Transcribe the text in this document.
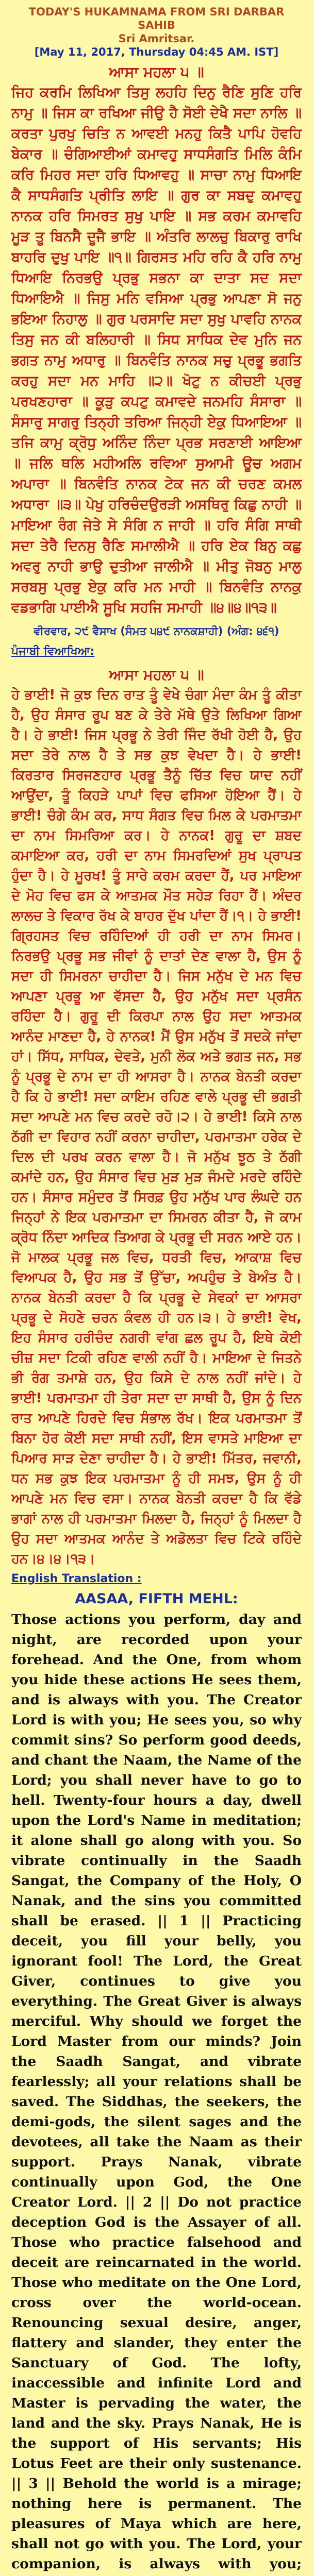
TODAY'S HUKAMNAMA FROM SRI DARBAR SAHIB
Sri Amritsar.
[May 11, 2017, Thursday 04:45 AM. IST]
ਆਸਾ ਮਹਲਾ ੫ ॥

ਜਿਹ ਕਰਮਿ ਲਿਖਿਆ ਤਿਸੁ ਲਹਹਿ ਦਿਨੁ ਰੈਣਿ ਸੁਣਿ ਹਰਿ ਨਾਮੁ ॥ ਜਿਸ ਕਾ ਰਖਿਆ ਜੀਉ ਹੈ ਸੋਈ ਦੇਖੈ ਸਦਾ ਨਾਲਿ ॥ ਕਰਤਾ ਪੁਰਖੁ ਚਿਤਿ ਨ ਆਵਈ ਮਨਹੁ ਕਿਤੈ ਪਾਪਿ ਹੋਵਹਿ ਬੇਕਾਰ ॥ ਚੰਗਿਆਈਆਂ ਕਮਾਵਹੁ ਸਾਧਸੰਗਤਿ ਮਿਲਿ ਕੰਮਿ ਕਰਿ ਮਿਹਰ ਸਦਾ ਹਰਿ ਧਿਆਵਹੁ ॥ ਸਾਚਾ ਨਾਮੁ ਧਿਆਇ ਕੈ ਸਾਧਸੰਗਤਿ ਪ੍ਰੀਤਿ ਲਾਇ ॥ ਗੁਰ ਕਾ ਸਬਦੁ ਕਮਾਵਹੁ ਨਾਨਕ ਹਰਿ ਸਿਮਰਤ ਸੁਖੁ ਪਾਇ ॥ ਸਭ ਕਰਮ ਕਮਾਵਹਿ ਮੂੜ ਤੂ ਬਿਨਸੈ ਦੂਜੈ ਭਾਇ ॥ ਅੰਤਰਿ ਲਾਲਚੁ ਬਿਕਾਰੁ ਰਾਖਿ ਬਾਹਰਿ ਦੁਖੁ ਪਾਇ ॥੧॥ ਗਿਰਸਤ ਮਹਿ ਰਹਿ ਕੈ ਹਰਿ ਨਾਮੁ ਧਿਆਇ ਨਿਰਭਉ ਪ੍ਰਭੁ ਸਭਨਾ ਕਾ ਦਾਤਾ ਸਦ ਸਦਾ ਧਿਆਇਐ ॥ ਜਿਸੁ ਮਨਿ ਵਸਿਆ ਪ੍ਰਭੁ ਆਪਣਾ ਸੋ ਜਨੁ ਭਇਆ ਨਿਹਾਲੁ ॥ ਗੁਰ ਪਰਸਾਦਿ ਸਦਾ ਸੁਖੁ ਪਾਵਹਿ ਨਾਨਕ ਤਿਸੁ ਜਨ ਕੀ ਬਲਿਹਾਰੀ ॥ ਸਿਧ ਸਾਧਿਕ ਦੇਵ ਮੁਨਿ ਜਨ ਭਗਤ ਨਾਮੁ ਅਧਾਰੁ ॥ ਬਿਨਵੰਤਿ ਨਾਨਕ ਸਚੁ ਪ੍ਰਭੂ ਭਗਤਿ ਕਰਹੁ ਸਦਾ ਮਨ ਮਾਹਿ ॥੨॥ ਖੋਟੁ ਨ ਕੀਚਈ ਪ੍ਰਭੁ ਪਰਖਣਹਾਰਾ ॥ ਕੂੜੁ ਕਪਟੁ ਕਮਾਵਦੇ ਜਨਮਹਿ ਸੰਸਾਰਾ ॥ ਸੰਸਾਰੁ ਸਾਗਰੁ ਤਿਨ੍ਹੀ ਤਰਿਆ ਜਿਨ੍ਹੀ ਏਕੁ ਧਿਆਇਆ ॥ ਤਜਿ ਕਾਮੁ ਕ੍ਰੋਧੁ ਅਨਿੰਦ ਨਿੰਦਾ ਪ੍ਰਭ ਸਰਣਾਈ ਆਇਆ ॥ ਜਲਿ ਥਲਿ ਮਹੀਅਲਿ ਰਵਿਆ ਸੁਆਮੀ ਊਚ ਅਗਮ ਅਪਾਰਾ ॥ ਬਿਨਵੰਤਿ ਨਾਨਕ ਟੇਕ ਜਨ ਕੀ ਚਰਣ ਕਮਲ ਅਧਾਰਾ ॥੩॥ ਪੇਖੁ ਹਰਿਚੰਦਉਰੜੀ ਅਸਥਿਰੁ ਕਿਛੁ ਨਾਹੀ ॥ ਮਾਇਆ ਰੰਗ ਜੇਤੇ ਸੇ ਸੰਗਿ ਨ ਜਾਹੀ ॥ ਹਰਿ ਸੰਗਿ ਸਾਥੀ ਸਦਾ ਤੇਰੈ ਦਿਨਸੁ ਰੈਣਿ ਸਮਾਲੀਐ ॥ ਹਰਿ ਏਕ ਬਿਨੁ ਕਛੁ ਅਵਰੁ ਨਾਹੀ ਭਾਉ ਦੁਤੀਆ ਜਾਲੀਐ ॥ ਮੀਤੁ ਜੋਬਨੁ ਮਾਲੁ ਸਰਬਸੁ ਪ੍ਰਭੁ ਏਕੁ ਕਰਿ ਮਨ ਮਾਹੀ ॥ ਬਿਨਵੰਤਿ ਨਾਨਕੁ ਵਡਭਾਗਿ ਪਾਈਐ ਸੂਖਿ ਸਹਜਿ ਸਮਾਹੀ ॥੪॥੪॥੧੩॥

ਵੀਰਵਾਰ, ੨੯ ਵੈਸਾਖ (ਸੰਮਤ ੫੪੯ ਨਾਨਕਸ਼ਾਹੀ) (ਅੰਗ: ੪੬੧)
ਪੰਜਾਬੀ ਵਿਆਖਿਆ:
ਆਸਾ ਮਹਲਾ ੫ ॥

ਹੇ ਭਾਈ! ਜੋ ਕੁਝ ਦਿਨ ਰਾਤ ਤੂੰ ਵੇਖੇ ਚੰਗਾ ਮੰਦਾ ਕੰਮ ਤੂੰ ਕੀਤਾ ਹੈ, ਉਹ ਸੰਸਾਰ ਰੂਪ ਬਣ ਕੇ ਤੇਰੇ ਮੱਥੇ ਉਤੇ ਲਿਖਿਆ ਗਿਆ ਹੈ। ਹੇ ਭਾਈ! ਜਿਸ ਪ੍ਰਭੂ ਨੇ ਤੇਰੀ ਜਿੰਦ ਰੱਖੀ ਹੋਈ ਹੈ, ਉਹ ਸਦਾ ਤੇਰੇ ਨਾਲ ਹੈ ਤੇ ਸਭ ਕੁਝ ਵੇਖਦਾ ਹੈ। ਹੇ ਭਾਈ! ਕਿਰਤਾਰ ਸਿਰਜਣਹਾਰ ਪ੍ਰਭੂ ਤੈਨੂੰ ਚਿੱਤ ਵਿਚ ਯਾਦ ਨਹੀਂ ਆਉਂਦਾ, ਤੂੰ ਕਿਹੜੇ ਪਾਪਾਂ ਵਿਚ ਫਸਿਆ ਹੋਇਆ ਹੈਂ। ਹੇ ਭਾਈ! ਚੰਗੇ ਕੰਮ ਕਰ, ਸਾਧ ਸੰਗਤ ਵਿਚ ਮਿਲ ਕੇ ਪਰਮਾਤਮਾ ਦਾ ਨਾਮ ਸਿਮਰਿਆ ਕਰ। ਹੇ ਨਾਨਕ! ਗੁਰੂ ਦਾ ਸ਼ਬਦ ਕਮਾਇਆ ਕਰ, ਹਰੀ ਦਾ ਨਾਮ ਸਿਮਰਦਿਆਂ ਸੁਖ ਪ੍ਰਾਪਤ ਹੁੰਦਾ ਹੈ। ਹੇ ਮੂਰਖ! ਤੂੰ ਸਾਰੇ ਕਰਮ ਕਰਦਾ ਹੈਂ, ਪਰ ਮਾਇਆ ਦੇ ਮੋਹ ਵਿਚ ਫਸ ਕੇ ਆਤਮਕ ਮੌਤ ਸਹੇੜ ਰਿਹਾ ਹੈਂ। ਅੰਦਰ ਲਾਲਚ ਤੇ ਵਿਕਾਰ ਰੱਖ ਕੇ ਬਾਹਰ ਦੁੱਖ ਪਾਂਦਾ ਹੈਂ।੧। ਹੇ ਭਾਈ! ਗ੍ਰਿਹਸਤ ਵਿਚ ਰਹਿੰਦਿਆਂ ਹੀ ਹਰੀ ਦਾ ਨਾਮ ਸਿਮਰ। ਨਿਰਭਉ ਪ੍ਰਭੂ ਸਭ ਜੀਵਾਂ ਨੂੰ ਦਾਤਾਂ ਦੇਣ ਵਾਲਾ ਹੈ, ਉਸ ਨੂੰ ਸਦਾ ਹੀ ਸਿਮਰਨਾ ਚਾਹੀਦਾ ਹੈ। ਜਿਸ ਮਨੁੱਖ ਦੇ ਮਨ ਵਿਚ ਆਪਣਾ ਪ੍ਰਭੂ ਆ ਵੱਸਦਾ ਹੈ, ਉਹ ਮਨੁੱਖ ਸਦਾ ਪ੍ਰਸੰਨ ਰਹਿੰਦਾ ਹੈ। ਗੁਰੂ ਦੀ ਕਿਰਪਾ ਨਾਲ ਉਹ ਸਦਾ ਆਤਮਕ ਆਨੰਦ ਮਾਣਦਾ ਹੈ, ਹੇ ਨਾਨਕ! ਮੈਂ ਉਸ ਮਨੁੱਖ ਤੋਂ ਸਦਕੇ ਜਾਂਦਾ ਹਾਂ। ਸਿੱਧ, ਸਾਧਿਕ, ਦੇਵਤੇ, ਮੁਨੀ ਲੋਕ ਅਤੇ ਭਗਤ ਜਨ, ਸਭ ਨੂੰ ਪ੍ਰਭੂ ਦੇ ਨਾਮ ਦਾ ਹੀ ਆਸਰਾ ਹੈ। ਨਾਨਕ ਬੇਨਤੀ ਕਰਦਾ ਹੈ ਕਿ ਹੇ ਭਾਈ! ਸਦਾ ਕਾਇਮ ਰਹਿਣ ਵਾਲੇ ਪ੍ਰਭੂ ਦੀ ਭਗਤੀ ਸਦਾ ਆਪਣੇ ਮਨ ਵਿਚ ਕਰਦੇ ਰਹੋ।੨। ਹੇ ਭਾਈ! ਕਿਸੇ ਨਾਲ ਠੱਗੀ ਦਾ ਵਿਹਾਰ ਨਹੀਂ ਕਰਨਾ ਚਾਹੀਦਾ, ਪਰਮਾਤਮਾ ਹਰੇਕ ਦੇ ਦਿਲ ਦੀ ਪਰਖ ਕਰਨ ਵਾਲਾ ਹੈ। ਜੋ ਮਨੁੱਖ ਝੂਠ ਤੇ ਠੱਗੀ ਕਮਾਂਦੇ ਹਨ, ਉਹ ਸੰਸਾਰ ਵਿਚ ਮੁੜ ਮੁੜ ਜੰਮਦੇ ਮਰਦੇ ਰਹਿੰਦੇ ਹਨ। ਸੰਸਾਰ ਸਮੁੰਦਰ ਤੋਂ ਸਿਰਫ਼ ਉਹ ਮਨੁੱਖ ਪਾਰ ਲੰਘਦੇ ਹਨ ਜਿਨ੍ਹਾਂ ਨੇ ਇਕ ਪਰਮਾਤਮਾ ਦਾ ਸਿਮਰਨ ਕੀਤਾ ਹੈ, ਜੋ ਕਾਮ ਕ੍ਰੋਧ ਨਿੰਦਾ ਆਦਿਕ ਤਿਆਗ ਕੇ ਪ੍ਰਭੂ ਦੀ ਸਰਨ ਆਏ ਹਨ। ਜੋ ਮਾਲਕ ਪ੍ਰਭੂ ਜਲ ਵਿਚ, ਧਰਤੀ ਵਿਚ, ਆਕਾਸ਼ ਵਿਚ ਵਿਆਪਕ ਹੈ, ਉਹ ਸਭ ਤੋਂ ਉੱਚਾ, ਅਪਹੁੰਚ ਤੇ ਬੇਅੰਤ ਹੈ। ਨਾਨਕ ਬੇਨਤੀ ਕਰਦਾ ਹੈ ਕਿ ਪ੍ਰਭੂ ਦੇ ਸੇਵਕਾਂ ਦਾ ਆਸਰਾ ਪ੍ਰਭੂ ਦੇ ਸੋਹਣੇ ਚਰਨ ਕੰਵਲ ਹੀ ਹਨ।੩। ਹੇ ਭਾਈ! ਵੇਖ, ਇਹ ਸੰਸਾਰ ਹਰੀਚੰਦ ਨਗਰੀ ਵਾਂਗ ਛਲ ਰੂਪ ਹੈ, ਇਥੇ ਕੋਈ ਚੀਜ਼ ਸਦਾ ਟਿਕੀ ਰਹਿਣ ਵਾਲੀ ਨਹੀਂ ਹੈ। ਮਾਇਆ ਦੇ ਜਿਤਨੇ ਭੀ ਰੰਗ ਤਮਾਸ਼ੇ ਹਨ, ਉਹ ਕਿਸੇ ਦੇ ਨਾਲ ਨਹੀਂ ਜਾਂਦੇ। ਹੇ ਭਾਈ! ਪਰਮਾਤਮਾ ਹੀ ਤੇਰਾ ਸਦਾ ਦਾ ਸਾਥੀ ਹੈ, ਉਸ ਨੂੰ ਦਿਨ ਰਾਤ ਆਪਣੇ ਹਿਰਦੇ ਵਿਚ ਸੰਭਾਲ ਰੱਖ। ਇਕ ਪਰਮਾਤਮਾ ਤੋਂ ਬਿਨਾ ਹੋਰ ਕੋਈ ਸਦਾ ਸਾਥੀ ਨਹੀਂ, ਇਸ ਵਾਸਤੇ ਮਾਇਆ ਦਾ ਪਿਆਰ ਸਾੜ ਦੇਣਾ ਚਾਹੀਦਾ ਹੈ। ਹੇ ਭਾਈ! ਮਿੱਤਰ, ਜਵਾਨੀ, ਧਨ ਸਭ ਕੁਝ ਇਕ ਪਰਮਾਤਮਾ ਨੂੰ ਹੀ ਸਮਝ, ਉਸ ਨੂੰ ਹੀ ਆਪਣੇ ਮਨ ਵਿਚ ਵਸਾ। ਨਾਨਕ ਬੇਨਤੀ ਕਰਦਾ ਹੈ ਕਿ ਵੱਡੇ ਭਾਗਾਂ ਨਾਲ ਹੀ ਪਰਮਾਤਮਾ ਮਿਲਦਾ ਹੈ, ਜਿਨ੍ਹਾਂ ਨੂੰ ਮਿਲਦਾ ਹੈ ਉਹ ਸਦਾ ਆਤਮਕ ਆਨੰਦ ਤੇ ਅਡੋਲਤਾ ਵਿਚ ਟਿਕੇ ਰਹਿੰਦੇ ਹਨ।੪।੪।੧੩।

English Translation :
AASAA, FIFTH MEHL:

Those actions you perform, day and night, are recorded upon your forehead. And the One, from whom you hide these actions He sees them, and is always with you. The Creator Lord is with you; He sees you, so why commit sins? So perform good deeds, and chant the Naam, the Name of the Lord; you shall never have to go to hell. Twenty-four hours a day, dwell upon the Lord's Name in meditation; it alone shall go along with you. So vibrate continually in the Saadh Sangat, the Company of the Holy, O Nanak, and the sins you committed shall be erased. || 1 || Practicing deceit, you fill your belly, you ignorant fool! The Lord, the Great Giver, continues to give you everything. The Great Giver is always merciful. Why should we forget the Lord Master from our minds? Join the Saadh Sangat, and vibrate fearlessly; all your relations shall be saved. The Siddhas, the seekers, the demi-gods, the silent sages and the devotees, all take the Naam as their support. Prays Nanak, vibrate continually upon God, the One Creator Lord. || 2 || Do not practice deception God is the Assayer of all. Those who practice falsehood and deceit are reincarnated in the world. Those who meditate on the One Lord, cross over the world-ocean. Renouncing sexual desire, anger, flattery and slander, they enter the Sanctuary of God. The lofty, inaccessible and infinite Lord and Master is pervading the water, the land and the sky. Prays Nanak, He is the support of His servants; His Lotus Feet are their only sustenance. || 3 || Behold the world is a mirage; nothing here is permanent. The pleasures of Maya which are here, shall not go with you. The Lord, your companion, is always with you;
